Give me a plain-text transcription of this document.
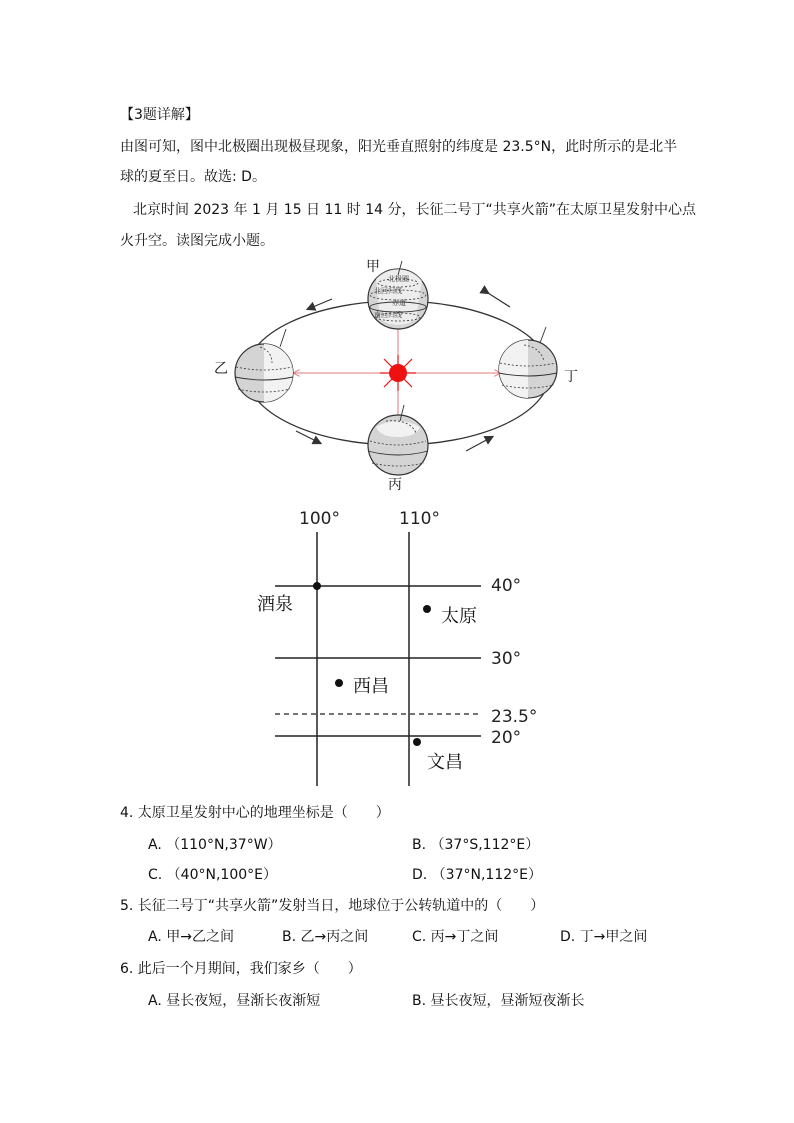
【3题详解】
由图可知，图中北极圈出现极昼现象，阳光垂直照射的纬度是 23.5°N，此时所示的是北半
球的夏至日。故选: D。
北京时间 2023 年 1 月 15 日 11 时 14 分，长征二号丁“共享火箭”在太原卫星发射中心点
火升空。读图完成小题。
北极圈
北回归线
赤道
南回归线
甲
乙
丙
丁
100°	110°
40°
30°
23.5°
20°
酒泉
太原
西昌
文昌
4. 太原卫星发射中心的地理坐标是（　　）
A. （110°N,37°W）	B. （37°S,112°E）
C. （40°N,100°E）	D. （37°N,112°E）
5. 长征二号丁“共享火箭”发射当日，地球位于公转轨道中的（　　）
A. 甲→乙之间	B. 乙→丙之间	C. 丙→丁之间	D. 丁→甲之间
6. 此后一个月期间，我们家乡（　　）
A. 昼长夜短，昼渐长夜渐短	B. 昼长夜短，昼渐短夜渐长
